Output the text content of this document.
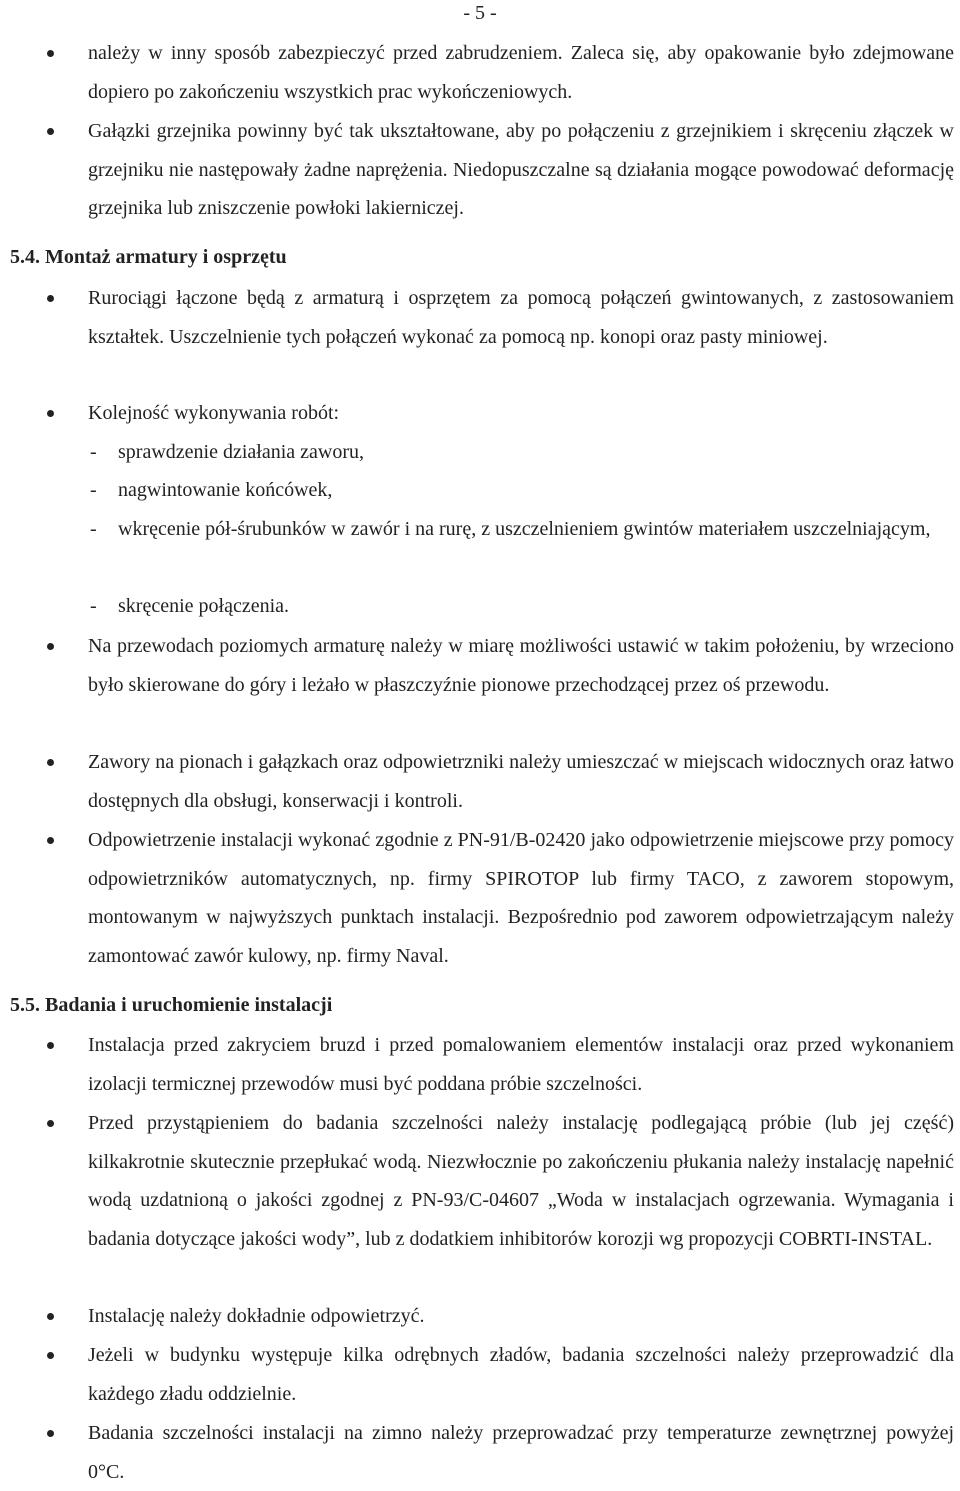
- 5 -
należy w inny sposób zabezpieczyć przed zabrudzeniem. Zaleca się, aby opakowanie było zdejmowane dopiero po zakończeniu wszystkich prac wykończeniowych.
Gałązki grzejnika powinny być tak ukształtowane, aby po połączeniu z grzejnikiem i skręceniu złączek w grzejniku nie następowały żadne naprężenia. Niedopuszczalne są działania mogące powodować deformację grzejnika lub zniszczenie powłoki lakierniczej.
5.4. Montaż armatury i osprzętu
Rurociągi łączone będą z armaturą i osprzętem za pomocą połączeń gwintowanych, z zastosowaniem kształtek. Uszczelnienie tych połączeń wykonać za pomocą np. konopi oraz pasty miniowej.
Kolejność wykonywania robót:
- sprawdzenie działania zaworu,
- nagwintowanie końcówek,
- wkręcenie pół-śrubunków w zawór i na rurę, z uszczelnieniem gwintów materiałem uszczelniającym,
- skręcenie połączenia.
Na przewodach poziomych armaturę należy w miarę możliwości ustawić w takim położeniu, by wrzeciono było skierowane do góry i leżało w płaszczyźnie pionowe przechodzącej przez oś przewodu.
Zawory na pionach i gałązkach oraz odpowietrzniki należy umieszczać w miejscach widocznych oraz łatwo dostępnych dla obsługi, konserwacji i kontroli.
Odpowietrzenie instalacji wykonać zgodnie z PN-91/B-02420 jako odpowietrzenie miejscowe przy pomocy odpowietrzników automatycznych, np. firmy SPIROTOP lub firmy TACO, z zaworem stopowym, montowanym w najwyższych punktach instalacji. Bezpośrednio pod zaworem odpowietrzającym należy zamontować zawór kulowy, np. firmy Naval.
5.5. Badania i uruchomienie instalacji
Instalacja przed zakryciem bruzd i przed pomalowaniem elementów instalacji oraz przed wykonaniem izolacji termicznej przewodów musi być poddana próbie szczelności.
Przed przystąpieniem do badania szczelności należy instalację podlegającą próbie (lub jej część) kilkakrotnie skutecznie przepłukać wodą. Niezwłocznie po zakończeniu płukania należy instalację napełnić wodą uzdatnioną o jakości zgodnej z PN-93/C-04607 „Woda w instalacjach ogrzewania. Wymagania i badania dotyczące jakości wody”, lub z dodatkiem inhibitorów korozji wg propozycji COBRTI-INSTAL.
Instalację należy dokładnie odpowietrzyć.
Jeżeli w budynku występuje kilka odrębnych zładów, badania szczelności należy przeprowadzić dla każdego zładu oddzielnie.
Badania szczelności instalacji na zimno należy przeprowadzać przy temperaturze zewnętrznej powyżej 0°C.
